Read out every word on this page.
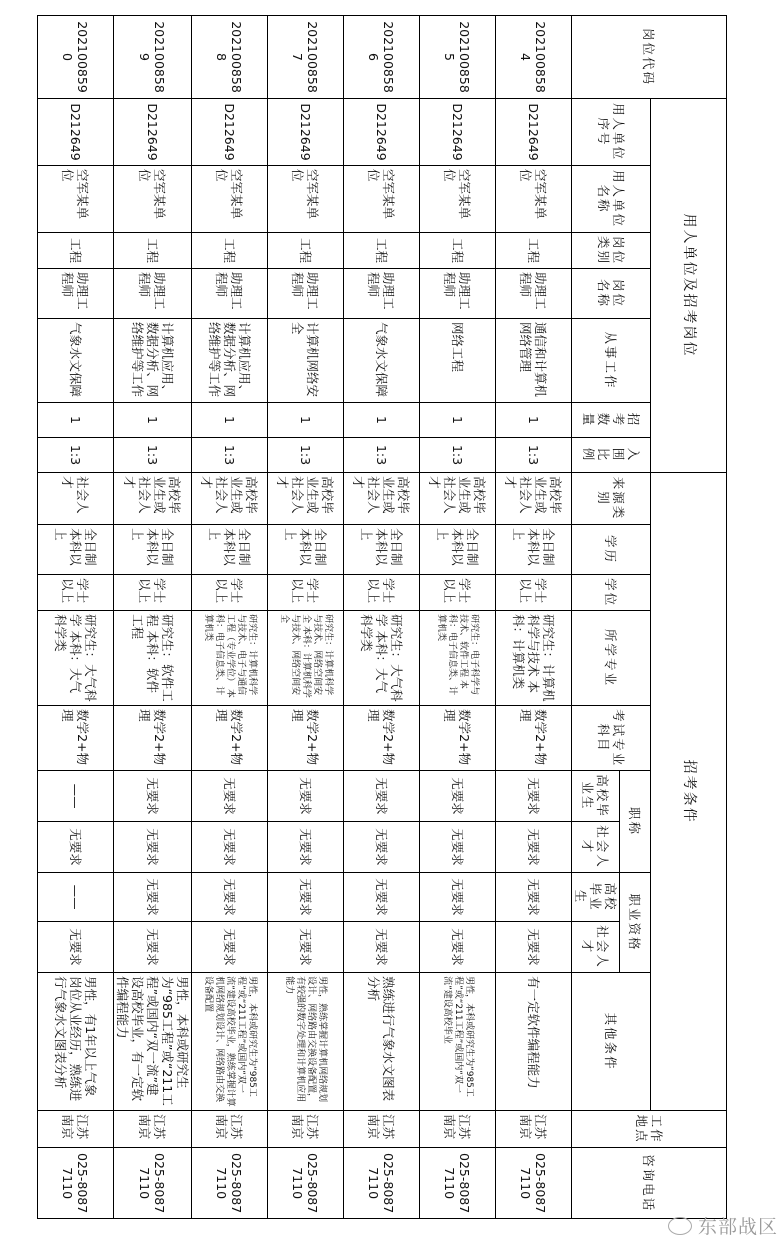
岗位代码	用人单位及招考岗位							招考条件										工作地点	咨询电话
	用人单位序号	用人单位名称	岗位类别	岗位名称	从事工作	招考数量	入围比例	来源类别	学历	学位	所学专业	考试专业科目	职称		职业资格		其他条件		
													高校毕业生	社会人才	高校毕业生	社会人才			
2021008584	D212649	空军某单位	工程	助理工程师	通信和计算机网络管理	1	1:3	高校毕业生或社会人才	全日制本科以上	学士以上	研究生：计算机科学与技术 本科：计算机类	数学2+物理	无要求	无要求	无要求	无要求	有一定软件编程能力	江苏南京	025-80877110
2021008585	D212649	空军某单位	工程	助理工程师	网络工程	1	1:3	高校毕业生或社会人才	全日制本科以上	学士以上	研究生：电子科学与技术、软件工程 本科：电子信息类、计算机类	数学2+物理	无要求	无要求	无要求	无要求	男性，本科或研究生为“985工程”或“211工程”或国内“双一流”建设高校毕业	江苏南京	025-80877110
2021008586	D212649	空军某单位	工程	助理工程师	气象水文保障	1	1:3	高校毕业生或社会人才	全日制本科以上	学士以上	研究生：大气科学 本科：大气科学类	数学2+物理	无要求	无要求	无要求	无要求	熟练进行气象水文图表分析	江苏南京	025-80877110
2021008587	D212649	空军某单位	工程	助理工程师	计算机网络安全	1	1:3	高校毕业生或社会人才	全日制本科以上	学士以上	研究生：计算机科学与技术、网络空间安全 本科：计算机科学与技术、网络空间安全	数学2+物理	无要求	无要求	无要求	无要求	男性，熟练掌握计算机网络规划设计、网络路由交换设备配置，有较强的数字处理和计算机应用能力	江苏南京	025-80877110
2021008588	D212649	空军某单位	工程	助理工程师	计算机应用、数据分析、网络维护等工作	1	1:3	高校毕业生或社会人才	全日制本科以上	学士以上	研究生：计算机科学与技术、电子与通信工程（专业学位） 本科：电子信息类、计算机类	数学2+物理	无要求	无要求	无要求	无要求	男性，本科或研究生为“985工程”或“211工程”或国内“双一流”建设高校毕业，熟练掌握计算机网络规划设计、网络路由交换设备配置	江苏南京	025-80877110
2021008589	D212649	空军某单位	工程	助理工程师	计算机应用、数据分析、网络维护等工作	1	1:3	高校毕业生或社会人才	全日制本科以上	学士以上	研究生：软件工程 本科：软件工程	数学2+物理	无要求	无要求	无要求	无要求	男性，本科或研究生为“985工程”或“211工程”或国内“双一流”建设高校毕业，有一定软件编程能力	江苏南京	025-80877110
2021008590	D212649	空军某单位	工程	助理工程师	气象水文保障	1	1:3	社会人才	全日制本科以上	学士以上	研究生：大气科学 本科：大气科学类	数学2+物理	——	无要求	——	无要求	男性，有1年以上气象岗位从业经历，熟练进行气象水文图表分析	江苏南京	025-80877110
东部战区
